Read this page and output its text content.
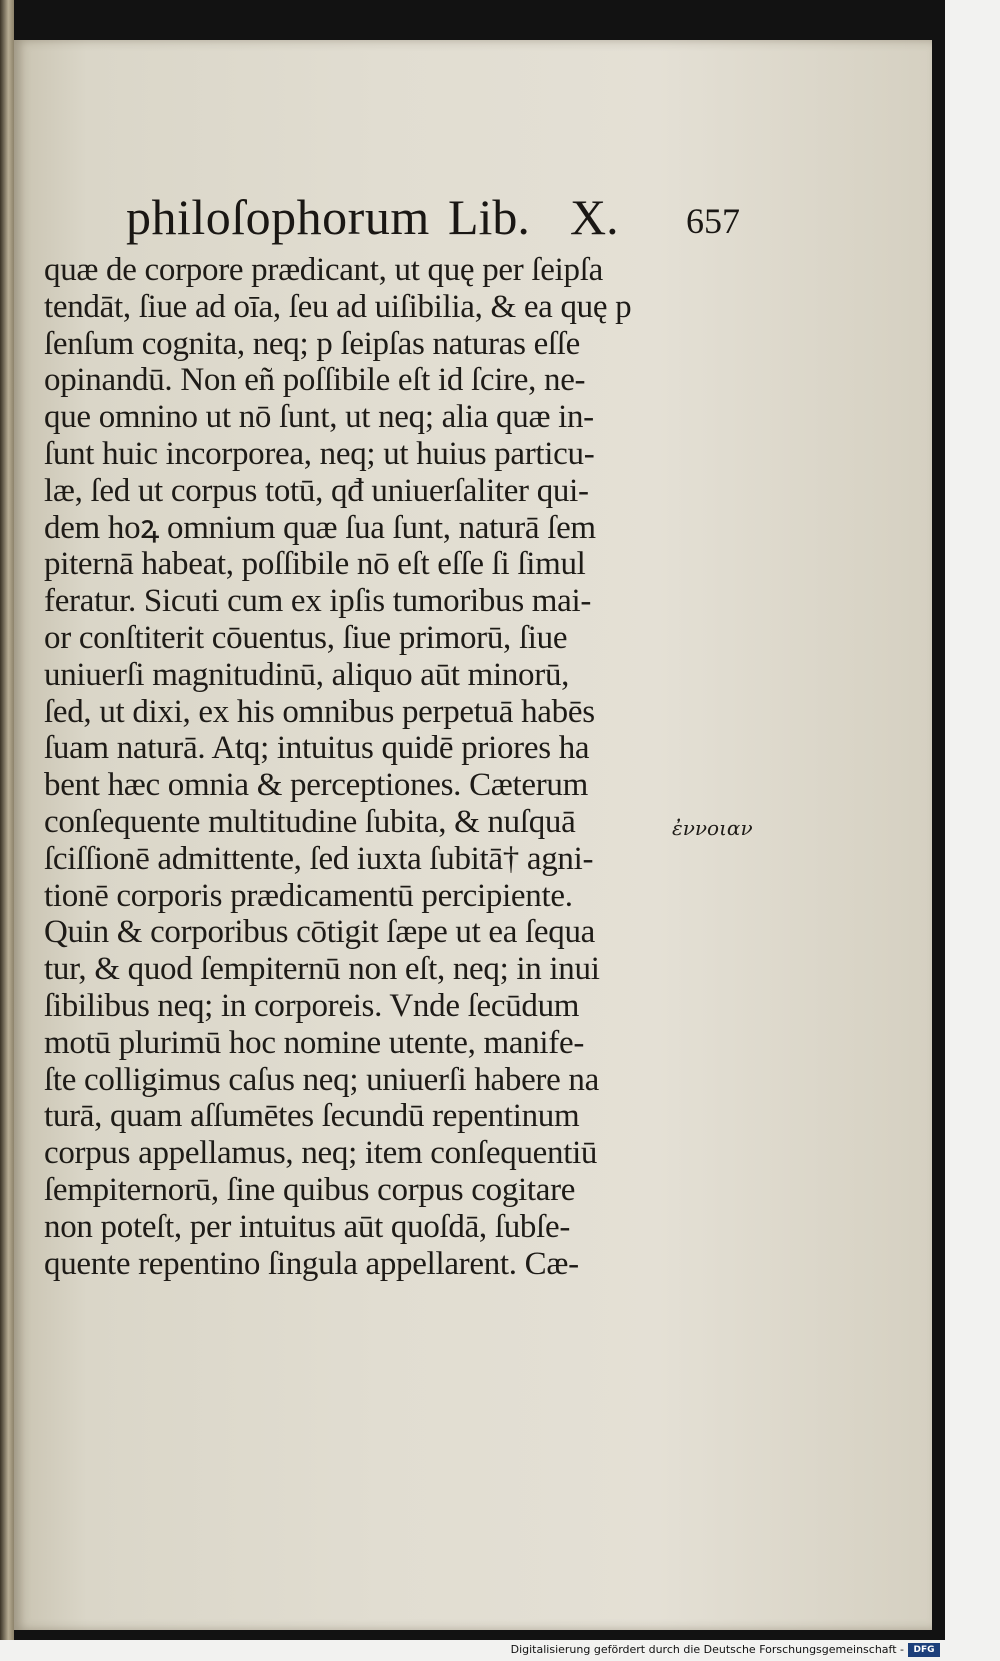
philoſophorum Lib. X. 657
quæ de corpore prædicant, ut quę per ſeipſa
tendāt, ſiue ad oīa, ſeu ad uiſibilia, & ea quę p
ſenſum cognita, neq; p ſeipſas naturas eſſe
opinandū. Non eñ poſſibile eſt id ſcire, ne-
que omnino ut nō ſunt, ut neq; alia quæ in-
ſunt huic incorporea, neq; ut huius particu-
læ, ſed ut corpus totū, qđ uniuerſaliter qui-
dem hoꝝ omnium quæ ſua ſunt, naturā ſem
piternā habeat, poſſibile nō eſt eſſe ſi ſimul
feratur. Sicuti cum ex ipſis tumoribus mai-
or conſtiterit cōuentus, ſiue primorū, ſiue
uniuerſi magnitudinū, aliquo aūt minorū,
ſed, ut dixi, ex his omnibus perpetuā habēs
ſuam naturā. Atq; intuitus quidē priores ha
bent hæc omnia & perceptiones. Cæterum
conſequente multitudine ſubita, & nuſquā
ſciſſionē admittente, ſed iuxta ſubitā† agni-
tionē corporis prædicamentū percipiente.
Quin & corporibus cōtigit ſæpe ut ea ſequa
tur, & quod ſempiternū non eſt, neq; in inui
ſibilibus neq; in corporeis. Vnde ſecūdum
motū plurimū hoc nomine utente, manife-
ſte colligimus caſus neq; uniuerſi habere na
turā, quam aſſumētes ſecundū repentinum
corpus appellamus, neq; item conſequentiū
ſempiternorū, ſine quibus corpus cogitare
non poteſt, per intuitus aūt quoſdā, ſubſe-
quente repentino ſingula appellarent. Cæ-
ἐννοιαν
Digitalisierung gefördert durch die Deutsche Forschungsgemeinschaft -	DFG
